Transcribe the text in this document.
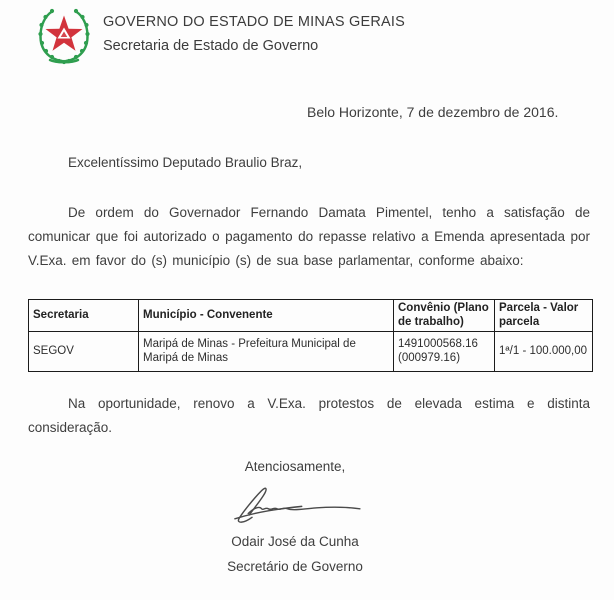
GOVERNO DO ESTADO DE MINAS GERAIS
Secretaria de Estado de Governo
Belo Horizonte, 7 de dezembro de 2016.
Excelentíssimo Deputado Braulio Braz,

De ordem do Governador Fernando Damata Pimentel, tenho a satisfação de comunicar que foi autorizado o pagamento do repasse relativo a Emenda apresentada por V.Exa. em favor do (s) município (s) de sua base parlamentar, conforme abaixo:

Secretaria	Município - Convenente	Convênio (Plano de trabalho)	Parcela - Valor parcela
SEGOV	Maripá de Minas - Prefeitura Municipal de Maripá de Minas	1491000568.16 (000979.16)	1ª/1 - 100.000,00

Na oportunidade, renovo a V.Exa. protestos de elevada estima e distinta consideração.

Atenciosamente,
Odair José da Cunha
Secretário de Governo
